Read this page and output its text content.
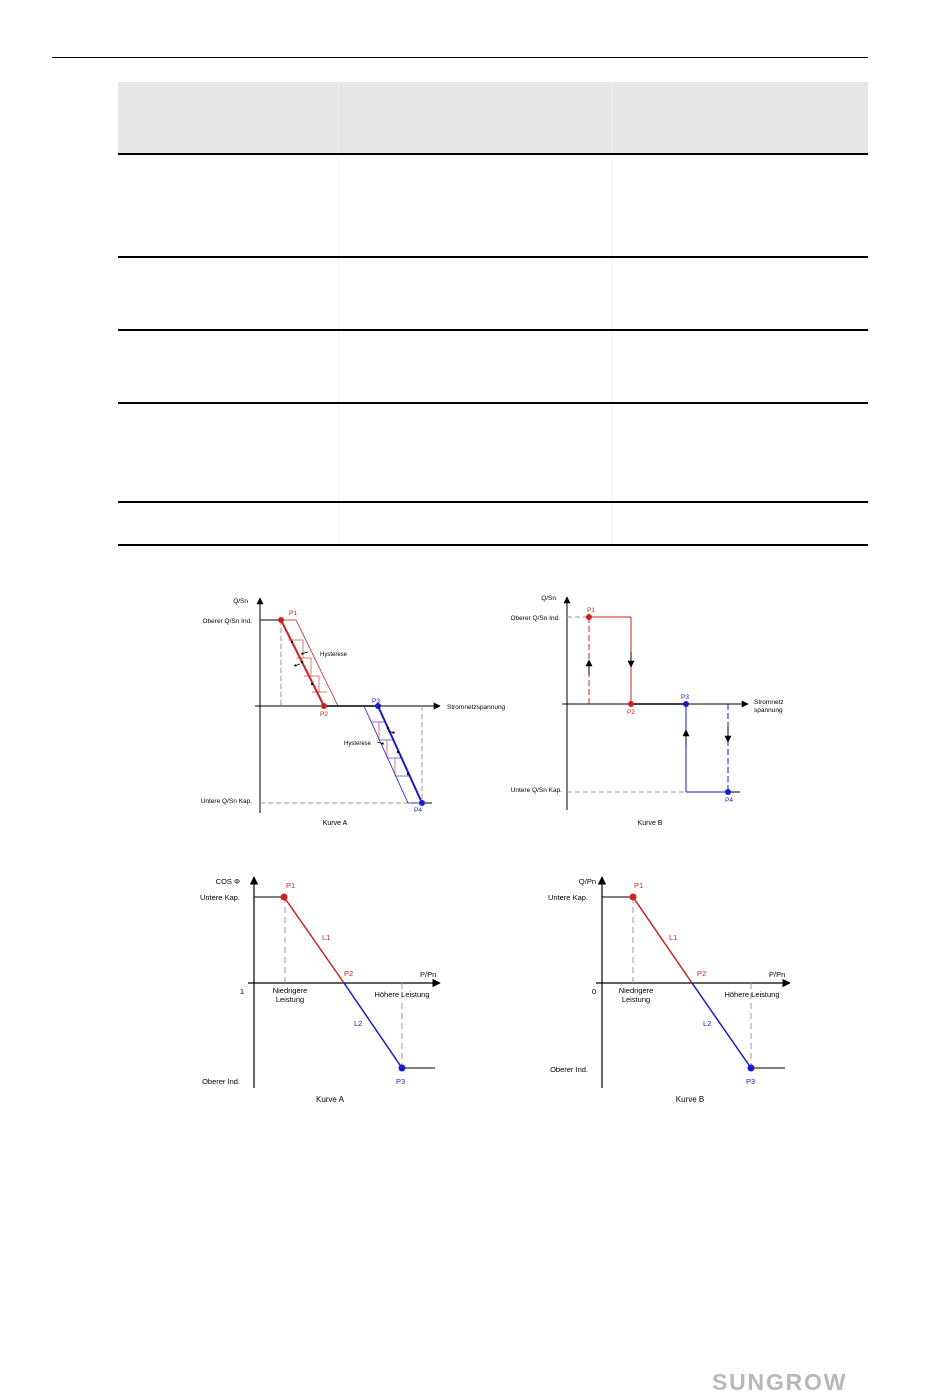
Q/Sn
Stromnetzspannung
Oberer Q/Sn Ind.
Untere Q/Sn Kap.
Hysterese
Hysterese
P1
P2
P3
P4
Kurve A
Q/Sn
Stromnetz
spannung
Oberer Q/Sn Ind.
Untere Q/Sn Kap.
P1
P2
P3
P4
Kurve B
COS Φ
P/Pn
Untere Kap.
1
Oberer Ind.
P1
P2
P3
L1
L2
Niedrigere
Leistung
Höhere Leistung
Kurve A
Q/Pn
P/Pn
Untere Kap.
0
Oberer Ind.
P1
P2
P3
L1
L2
Niedrigere
Leistung
Höhere Leistung
Kurve B
SUNGROW
